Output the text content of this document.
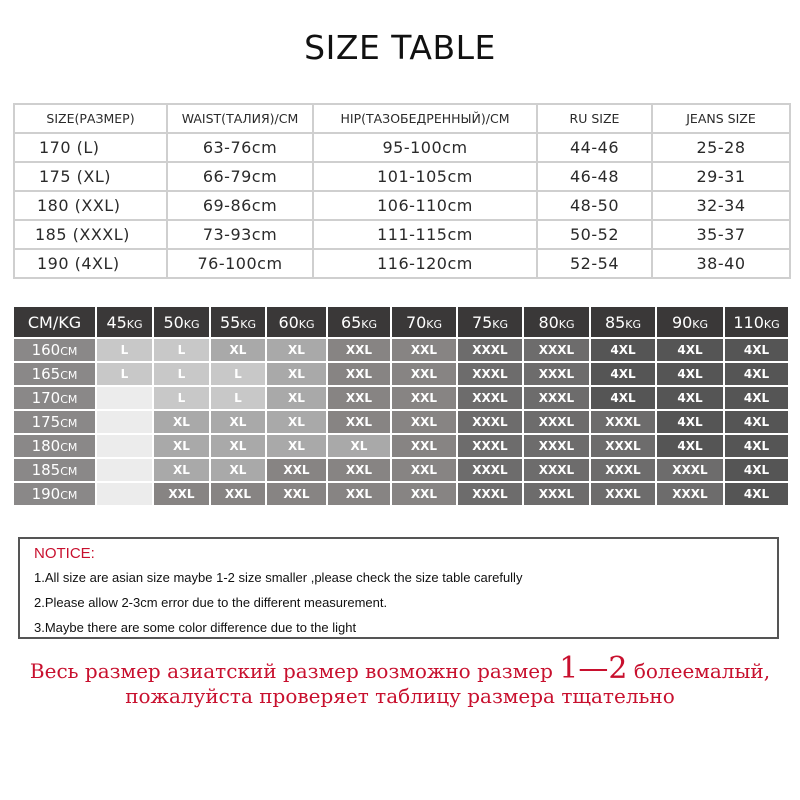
SIZE TABLE
SIZE(РАЗМЕР)	WAIST(ТАЛИЯ)/CM	HIP(ТАЗОБЕДРЕННЫЙ)/CM	RU SIZE	JEANS SIZE
170 (L)	63-76cm	95-100cm	44-46	25-28
175 (XL)	66-79cm	101-105cm	46-48	29-31
180 (XXL)	69-86cm	106-110cm	48-50	32-34
185 (XXXL)	73-93cm	111-115cm	50-52	35-37
190 (4XL)	76-100cm	116-120cm	52-54	38-40
CM/KG	45KG	50KG	55KG	60KG	65KG	70KG	75KG	80KG	85KG	90KG	110KG
160CM	L	L	XL	XL	XXL	XXL	XXXL	XXXL	4XL	4XL	4XL
165CM	L	L	L	XL	XXL	XXL	XXXL	XXXL	4XL	4XL	4XL
170CM		L	L	XL	XXL	XXL	XXXL	XXXL	4XL	4XL	4XL
175CM		XL	XL	XL	XXL	XXL	XXXL	XXXL	XXXL	4XL	4XL
180CM		XL	XL	XL	XL	XXL	XXXL	XXXL	XXXL	4XL	4XL
185CM		XL	XL	XXL	XXL	XXL	XXXL	XXXL	XXXL	XXXL	4XL
190CM		XXL	XXL	XXL	XXL	XXL	XXXL	XXXL	XXXL	XXXL	4XL
NOTICE:
1.All size are asian size maybe 1-2 size smaller ,please check the size table carefully
2.Please allow 2-3cm error due to the different measurement.
3.Maybe there are some color difference due to the light
Весь размер азиатский размер возможно размер 1—2 болеемалый,
пожалуйста проверяет таблицу размера тщательно
